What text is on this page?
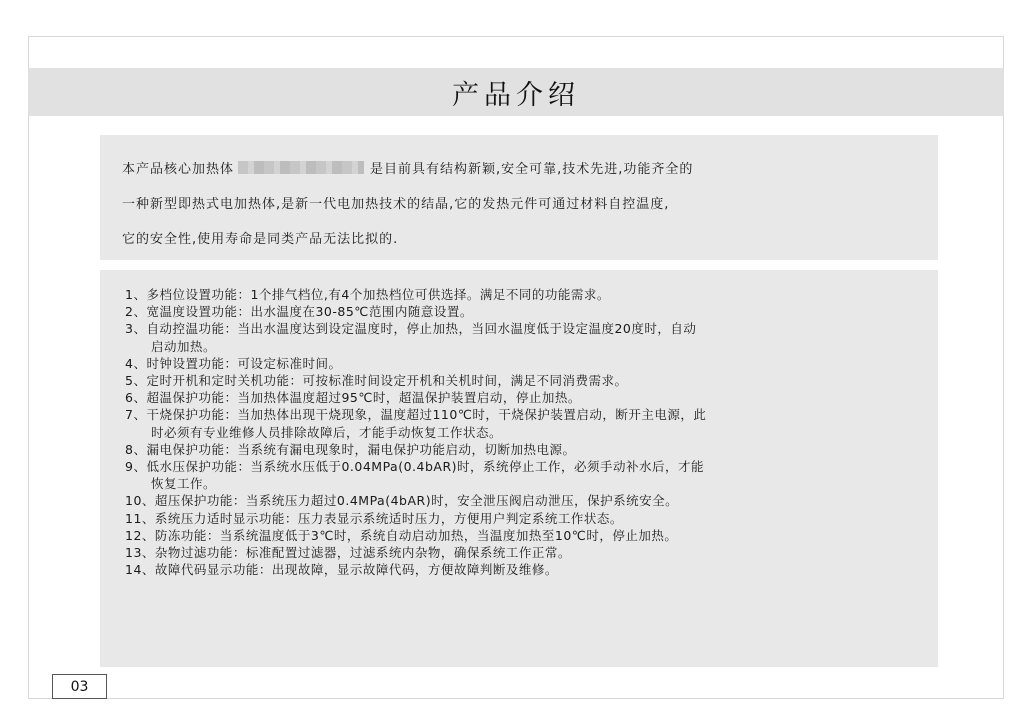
产品介绍

本产品核心加热体	是目前具有结构新颖,安全可靠,技术先进,功能齐全的

一种新型即热式电加热体,是新一代电加热技术的结晶,它的发热元件可通过材料自控温度,

它的安全性,使用寿命是同类产品无法比拟的.

1、多档位设置功能：1个排气档位,有4个加热档位可供选择。满足不同的功能需求。
2、宽温度设置功能：出水温度在30-85℃范围内随意设置。
3、自动控温功能：当出水温度达到设定温度时，停止加热，当回水温度低于设定温度20度时，自动
启动加热。
4、时钟设置功能：可设定标准时间。
5、定时开机和定时关机功能：可按标准时间设定开机和关机时间，满足不同消费需求。
6、超温保护功能：当加热体温度超过95℃时，超温保护装置启动，停止加热。
7、干烧保护功能：当加热体出现干烧现象，温度超过110℃时，干烧保护装置启动，断开主电源，此
时必须有专业维修人员排除故障后，才能手动恢复工作状态。
8、漏电保护功能：当系统有漏电现象时，漏电保护功能启动，切断加热电源。
9、低水压保护功能：当系统水压低于0.04MPa(0.4bAR)时，系统停止工作，必须手动补水后，才能
恢复工作。
10、超压保护功能：当系统压力超过0.4MPa(4bAR)时，安全泄压阀启动泄压，保护系统安全。
11、系统压力适时显示功能：压力表显示系统适时压力，方便用户判定系统工作状态。
12、防冻功能：当系统温度低于3℃时，系统自动启动加热，当温度加热至10℃时，停止加热。
13、杂物过滤功能：标准配置过滤器，过滤系统内杂物，确保系统工作正常。
14、故障代码显示功能：出现故障，显示故障代码，方便故障判断及维修。
03
